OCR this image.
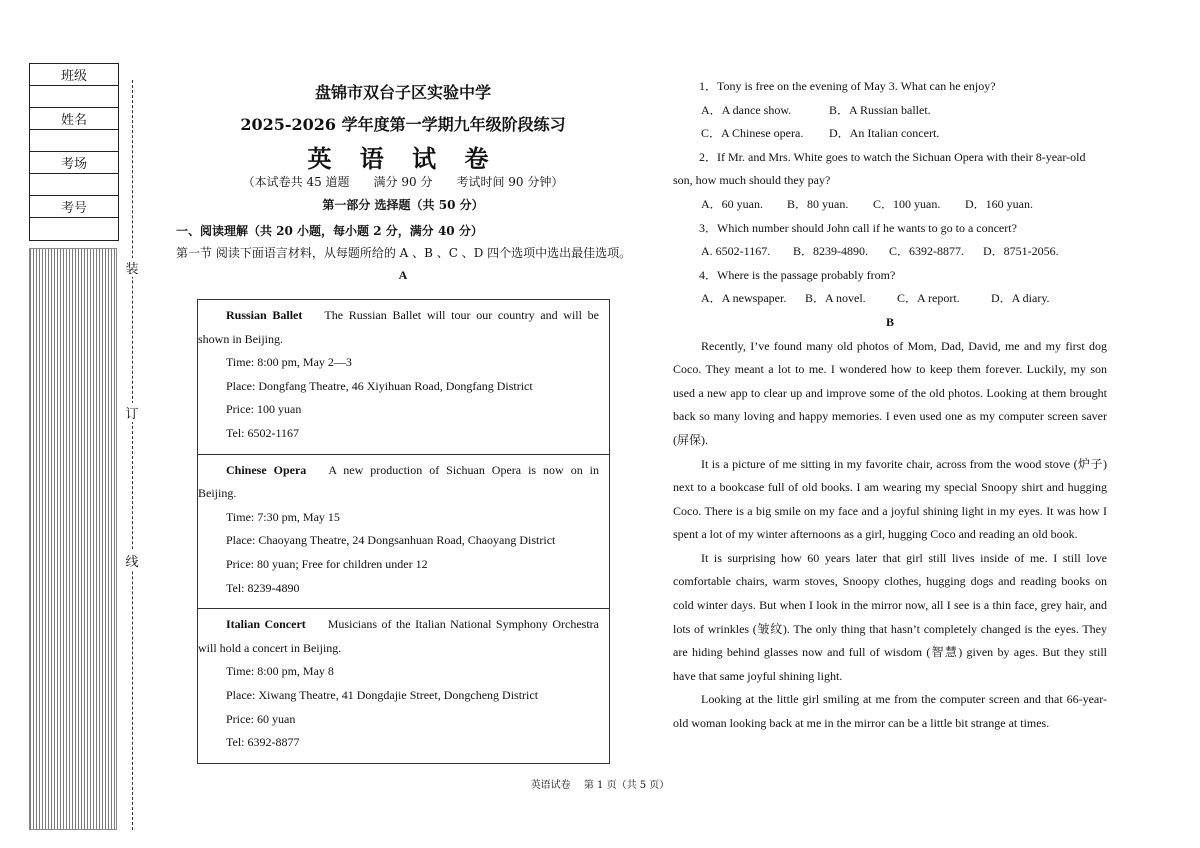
班级
姓名
考场
考号
装
订
线
盘锦市双台子区实验中学
2025-2026 学年度第一学期九年级阶段练习
英 语 试 卷
（本试卷共 45 道题　　满分 90 分　　考试时间 90 分钟）
第一部分 选择题（共 50 分）
一、阅读理解（共 20 小题，每小题 2 分，满分 40 分）
第一节 阅读下面语言材料，从每题所给的 A 、B 、C 、D 四个选项中选出最佳选项。
A

Russian Ballet The Russian Ballet will tour our country and will be shown in Beijing.

Time: 8:00 pm, May 2—3

Place: Dongfang Theatre, 46 Xiyihuan Road, Dongfang District

Price: 100 yuan

Tel: 6502-1167

Chinese Opera A new production of Sichuan Opera is now on in Beijing.

Time: 7:30 pm, May 15

Place: Chaoyang Theatre, 24 Dongsanhuan Road, Chaoyang District

Price: 80 yuan; Free for children under 12

Tel: 8239-4890

Italian Concert Musicians of the Italian National Symphony Orchestra will hold a concert in Beijing.

Time: 8:00 pm, May 8

Place: Xiwang Theatre, 41 Dongdajie Street, Dongcheng District

Price: 60 yuan

Tel: 6392-8877

1．Tony is free on the evening of May 3. What can he enjoy?

A．A dance show.	B．A Russian ballet.

C．A Chinese opera. D．An Italian concert.

2．If Mr. and Mrs. White goes to watch the Sichuan Opera with their 8-year-old

son, how much should they pay?

A．60 yuan. B．80 yuan. C．100 yuan. D．160 yuan.

3．Which number should John call if he wants to go to a concert?

A. 6502-1167. B．8239-4890. C．6392-8877. D．8751-2056.

4．Where is the passage probably from?

A．A newspaper. B．A novel.	C．A report.	D．A diary.

B

Recently, I’ve found many old photos of Mom, Dad, David, me and my first dog Coco. They meant a lot to me. I wondered how to keep them forever. Luckily, my son used a new app to clear up and improve some of the old photos. Looking at them brought back so many loving and happy memories. I even used one as my computer screen saver (屏保).

It is a picture of me sitting in my favorite chair, across from the wood stove (炉子) next to a bookcase full of old books. I am wearing my special Snoopy shirt and hugging Coco. There is a big smile on my face and a joyful shining light in my eyes. It was how I spent a lot of my winter afternoons as a girl, hugging Coco and reading an old book.

It is surprising how 60 years later that girl still lives inside of me. I still love comfortable chairs, warm stoves, Snoopy clothes, hugging dogs and reading books on cold winter days. But when I look in the mirror now, all I see is a thin face, grey hair, and lots of wrinkles (皱纹). The only thing that hasn’t completely changed is the eyes. They are hiding behind glasses now and full of wisdom (智慧) given by ages. But they still have that same joyful shining light.

Looking at the little girl smiling at me from the computer screen and that 66-year-old woman looking back at me in the mirror can be a little bit strange at times.

英语试卷　 第 1 页（共 5 页）
